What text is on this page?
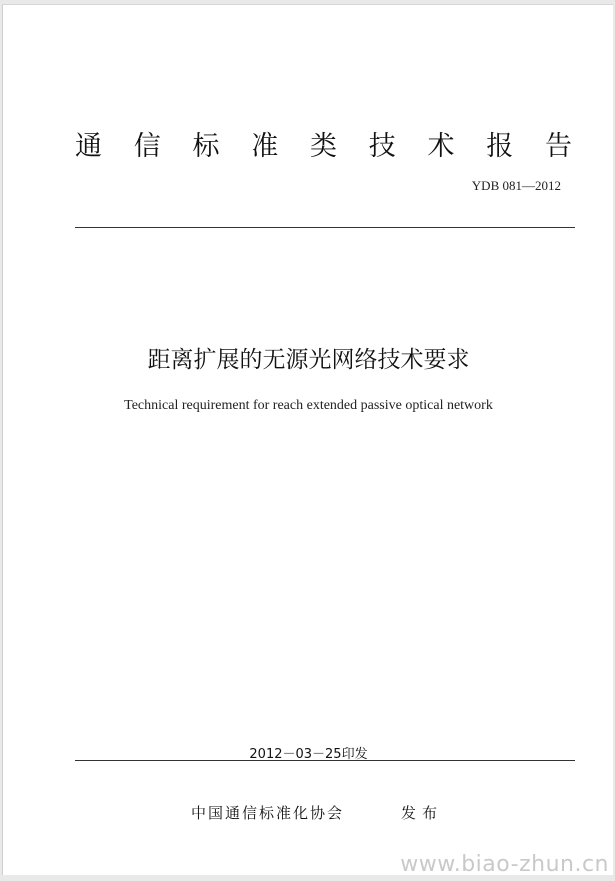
通 信 标 准 类 技 术 报 告
YDB 081—2012
距离扩展的无源光网络技术要求
Technical requirement for reach extended passive optical network
2012－03－25印发
中国通信标准化协会	发布
www.biao-zhun.cn
